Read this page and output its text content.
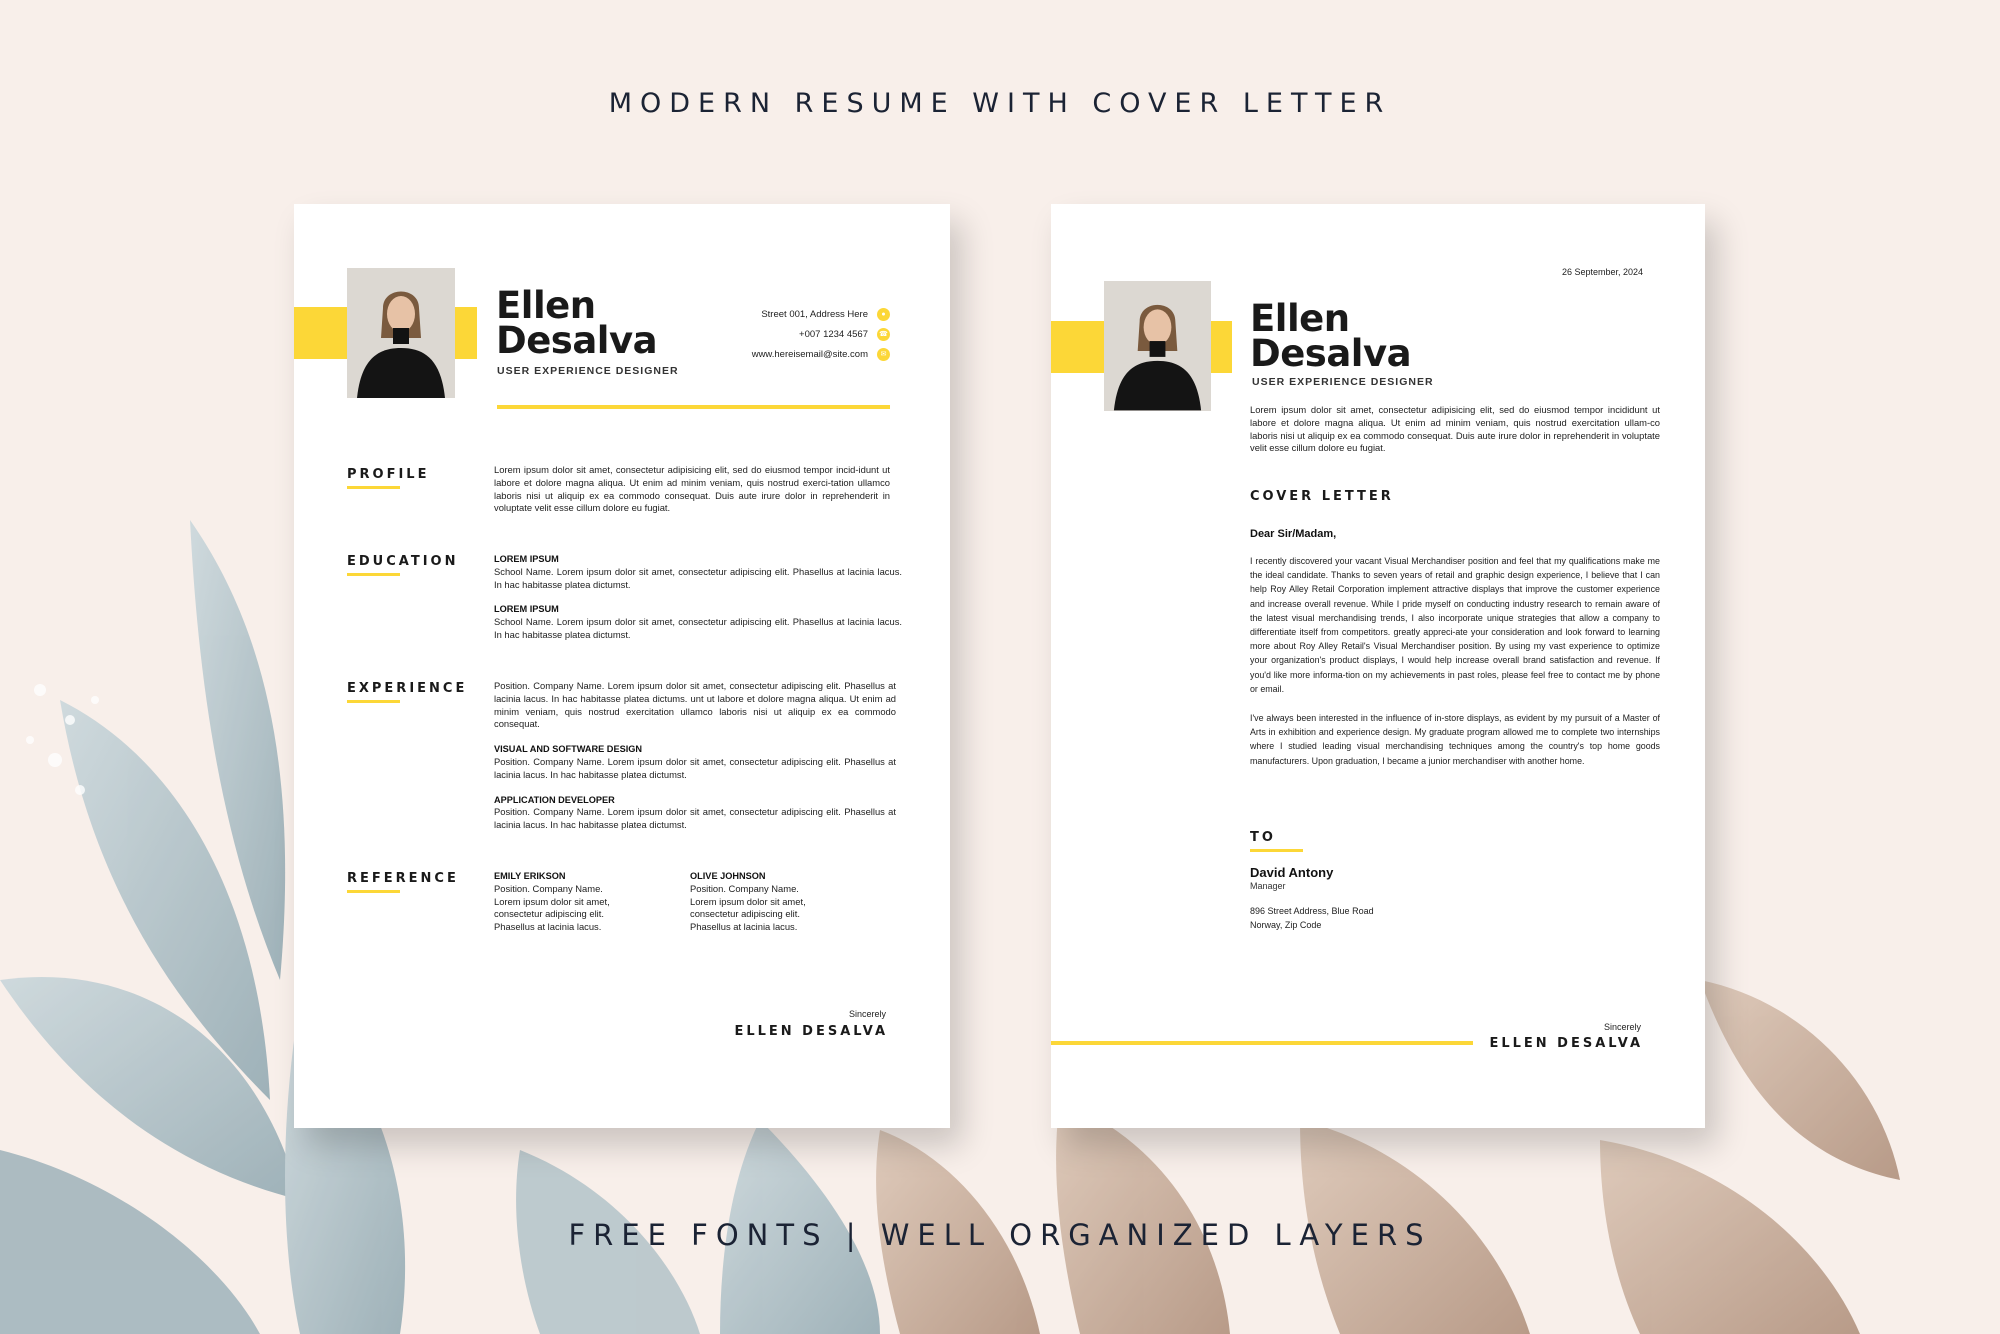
MODERN RESUME WITH COVER LETTER
Ellen
Desalva
USER EXPERIENCE DESIGNER
Street 001, Address Here	●
+007 1234 4567	☎
www.hereisemail@site.com	✉
PROFILE	Lorem ipsum dolor sit amet, consectetur adipisicing elit, sed do eiusmod tempor incid-idunt ut labore et dolore magna aliqua. Ut enim ad minim veniam, quis nostrud exerci-tation ullamco laboris nisi ut aliquip ex ea commodo consequat. Duis aute irure dolor in reprehenderit in voluptate velit esse cillum dolore eu fugiat.
EDUCATION	LOREM IPSUM
School Name. Lorem ipsum dolor sit amet, consectetur adipiscing elit. Phasellus at lacinia lacus. In hac habitasse platea dictumst.
LOREM IPSUM
School Name. Lorem ipsum dolor sit amet, consectetur adipiscing elit. Phasellus at lacinia lacus. In hac habitasse platea dictumst.
EXPERIENCE	Position. Company Name. Lorem ipsum dolor sit amet, consectetur adipiscing elit. Phasellus at lacinia lacus. In hac habitasse platea dictums. unt ut labore et dolore magna aliqua. Ut enim ad minim veniam, quis nostrud exercitation ullamco laboris nisi ut aliquip ex ea commodo consequat.
VISUAL AND SOFTWARE DESIGN
Position. Company Name. Lorem ipsum dolor sit amet, consectetur adipiscing elit. Phasellus at lacinia lacus. In hac habitasse platea dictumst.
APPLICATION DEVELOPER
Position. Company Name. Lorem ipsum dolor sit amet, consectetur adipiscing elit. Phasellus at lacinia lacus. In hac habitasse platea dictumst.
REFERENCE	EMILY ERIKSON
Position. Company Name.
Lorem ipsum dolor sit amet,
consectetur adipiscing elit.
Phasellus at lacinia lacus.
OLIVE JOHNSON
Position. Company Name.
Lorem ipsum dolor sit amet,
consectetur adipiscing elit.
Phasellus at lacinia lacus.
Sincerely
ELLEN DESALVA
26 September, 2024
Ellen
Desalva
USER EXPERIENCE DESIGNER
Lorem ipsum dolor sit amet, consectetur adipisicing elit, sed do eiusmod tempor incididunt ut labore et dolore magna aliqua. Ut enim ad minim veniam, quis nostrud exercitation ullam-co laboris nisi ut aliquip ex ea commodo consequat. Duis aute irure dolor in reprehenderit in voluptate velit esse cillum dolore eu fugiat.
COVER LETTER
Dear Sir/Madam,
I recently discovered your vacant Visual Merchandiser position and feel that my qualifications make me the ideal candidate. Thanks to seven years of retail and graphic design experience, I believe that I can help Roy Alley Retail Corporation implement attractive displays that improve the customer experience and increase overall revenue. While I pride myself on conducting industry research to remain aware of the latest visual merchandising trends, I also incorporate unique strategies that allow a company to differentiate itself from competitors. greatly appreci-ate your consideration and look forward to learning more about Roy Alley Retail's Visual Merchandiser position. By using my vast experience to optimize your organization's product displays, I would help increase overall brand satisfaction and revenue. If you'd like more informa-tion on my achievements in past roles, please feel free to contact me by phone or email.
I've always been interested in the influence of in-store displays, as evident by my pursuit of a Master of Arts in exhibition and experience design. My graduate program allowed me to complete two internships where I studied leading visual merchandising techniques among the country's top home goods manufacturers. Upon graduation, I became a junior merchandiser with another home.
TO
David Antony
Manager
896 Street Address, Blue Road
Norway, Zip Code
Sincerely
ELLEN DESALVA
FREE FONTS | WELL ORGANIZED LAYERS
